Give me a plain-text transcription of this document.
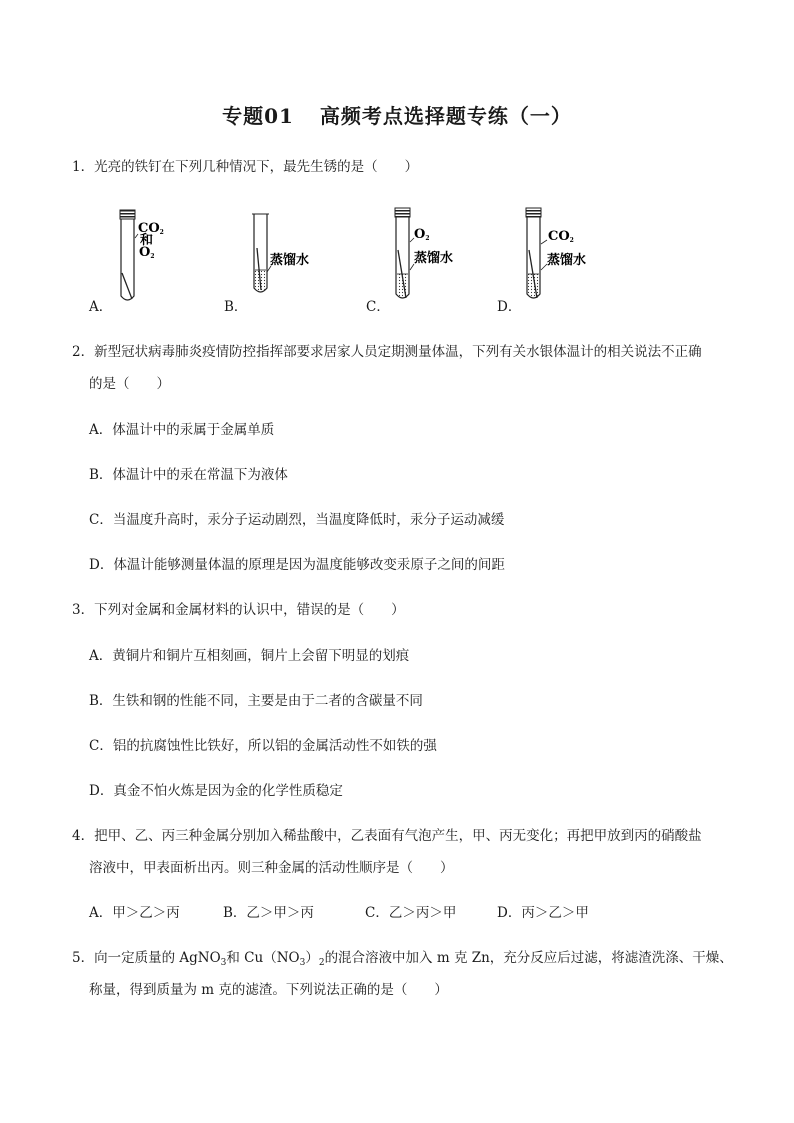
专题01 高频考点选择题专练（一）
1．光亮的铁钉在下列几种情况下，最先生锈的是（　　）
CO2
和
O2	蒸馏水
O2
蒸馏水
CO2
蒸馏水
A．	B．	C．	D．
2．新型冠状病毒肺炎疫情防控指挥部要求居家人员定期测量体温，下列有关水银体温计的相关说法不正确
的是（　　）
A．体温计中的汞属于金属单质
B．体温计中的汞在常温下为液体
C．当温度升高时，汞分子运动剧烈，当温度降低时，汞分子运动减缓
D．体温计能够测量体温的原理是因为温度能够改变汞原子之间的间距
3．下列对金属和金属材料的认识中，错误的是（　　）
A．黄铜片和铜片互相刻画，铜片上会留下明显的划痕
B．生铁和钢的性能不同，主要是由于二者的含碳量不同
C．铝的抗腐蚀性比铁好，所以铝的金属活动性不如铁的强
D．真金不怕火炼是因为金的化学性质稳定
4．把甲、乙、丙三种金属分别加入稀盐酸中，乙表面有气泡产生，甲、丙无变化；再把甲放到丙的硝酸盐
溶液中，甲表面析出丙。则三种金属的活动性顺序是（　　）
A．甲＞乙＞丙	B．乙＞甲＞丙	C．乙＞丙＞甲	D．丙＞乙＞甲
5．向一定质量的 AgNO$_3$和 $Cu(NO_3)_2$的混合溶液中加入 m 克 Zn，充分反应后过滤，将滤渣洗涤、干燥、
称量，得到质量为 m 克的滤渣。下列说法正确的是（　　）
